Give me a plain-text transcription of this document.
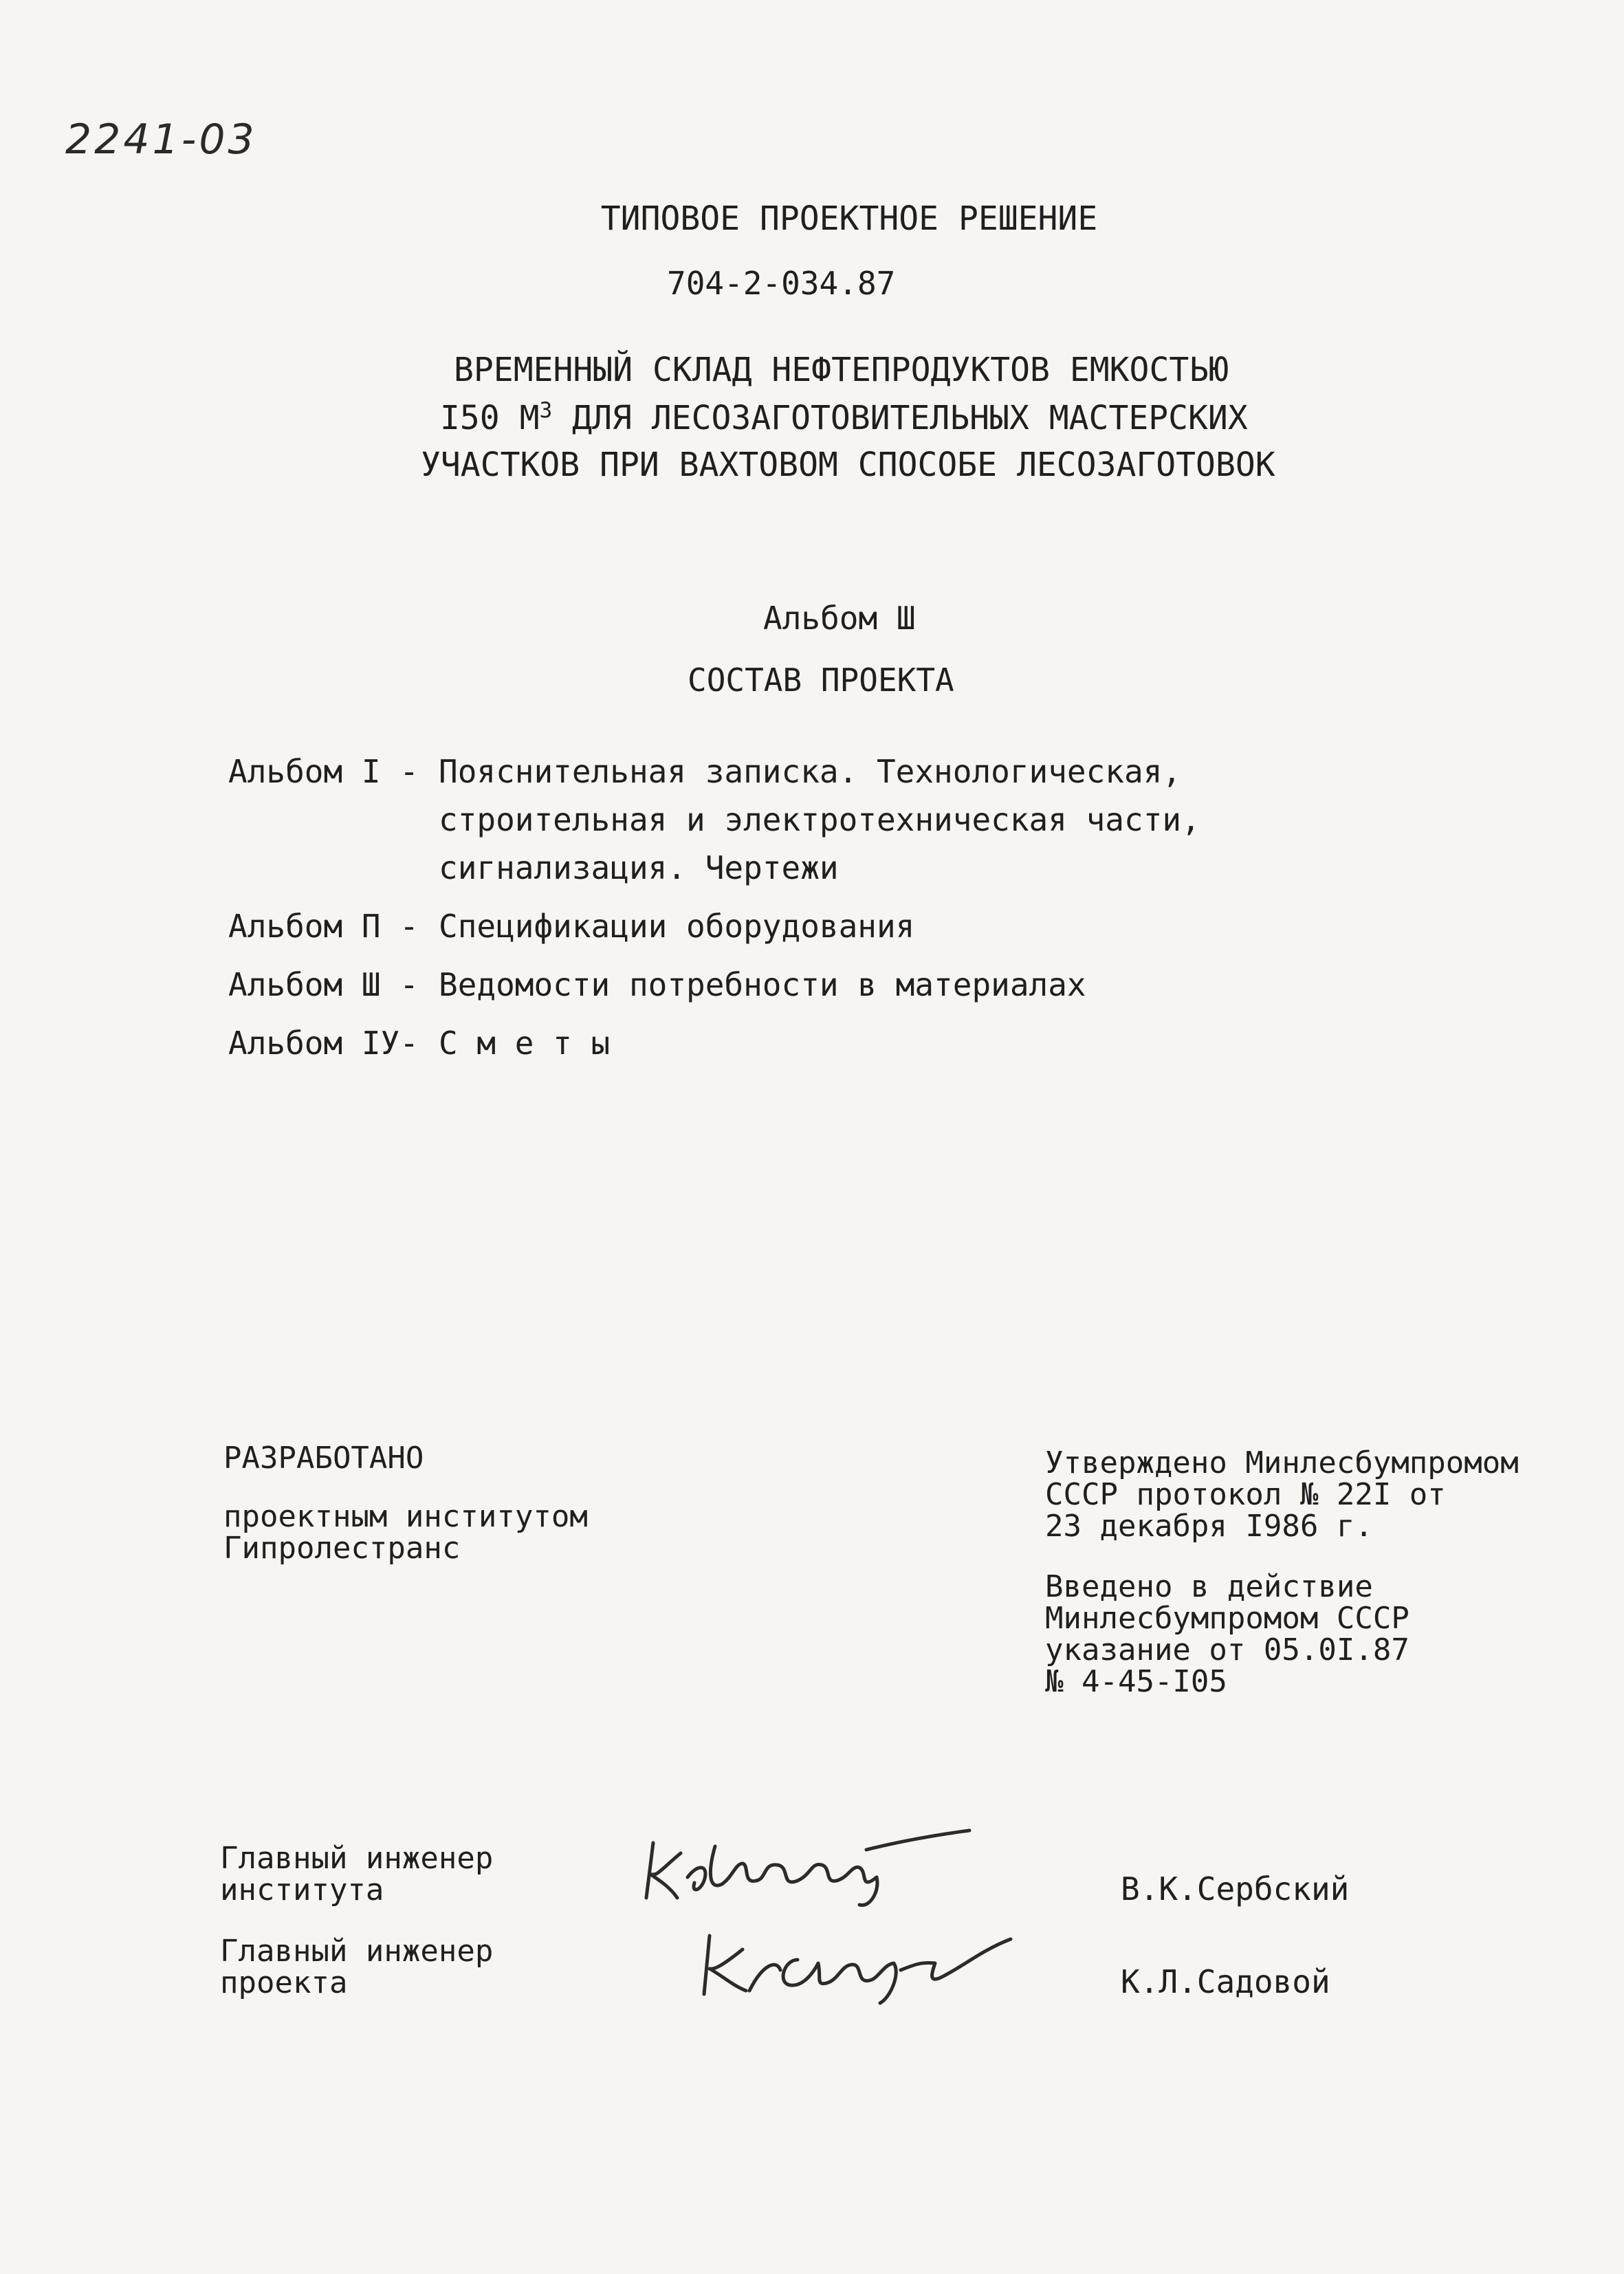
2241-03
ТИПОВОЕ ПРОЕКТНОЕ РЕШЕНИЕ
704-2-034.87
ВРЕМЕННЫЙ СКЛАД НЕФТЕПРОДУКТОВ ЕМКОСТЬЮ
I50 $М^3$ ДЛЯ ЛЕСОЗАГОТОВИТЕЛЬНЫХ МАСТЕРСКИХ
УЧАСТКОВ ПРИ ВАХТОВОМ СПОСОБЕ ЛЕСОЗАГОТОВОК
Альбом Ш
СОСТАВ ПРОЕКТА
Альбом I - Пояснительная записка. Технологическая,
строительная и электротехническая части,
сигнализация. Чертежи
Альбом П - Спецификации оборудования
Альбом Ш - Ведомости потребности в материалах
Альбом IУ- С м е т ы
РАЗРАБОТАНО
проектным институтом
Гипролестранс
Утверждено Минлесбумпромом
СССР протокол № 22I от
23 декабря I986 г.
Введено в действие
Минлесбумпромом СССР
указание от 05.0I.87
№ 4-45-I05
Главный инженер
института	В.К.Сербский
Главный инженер
проекта	К.Л.Садовой
